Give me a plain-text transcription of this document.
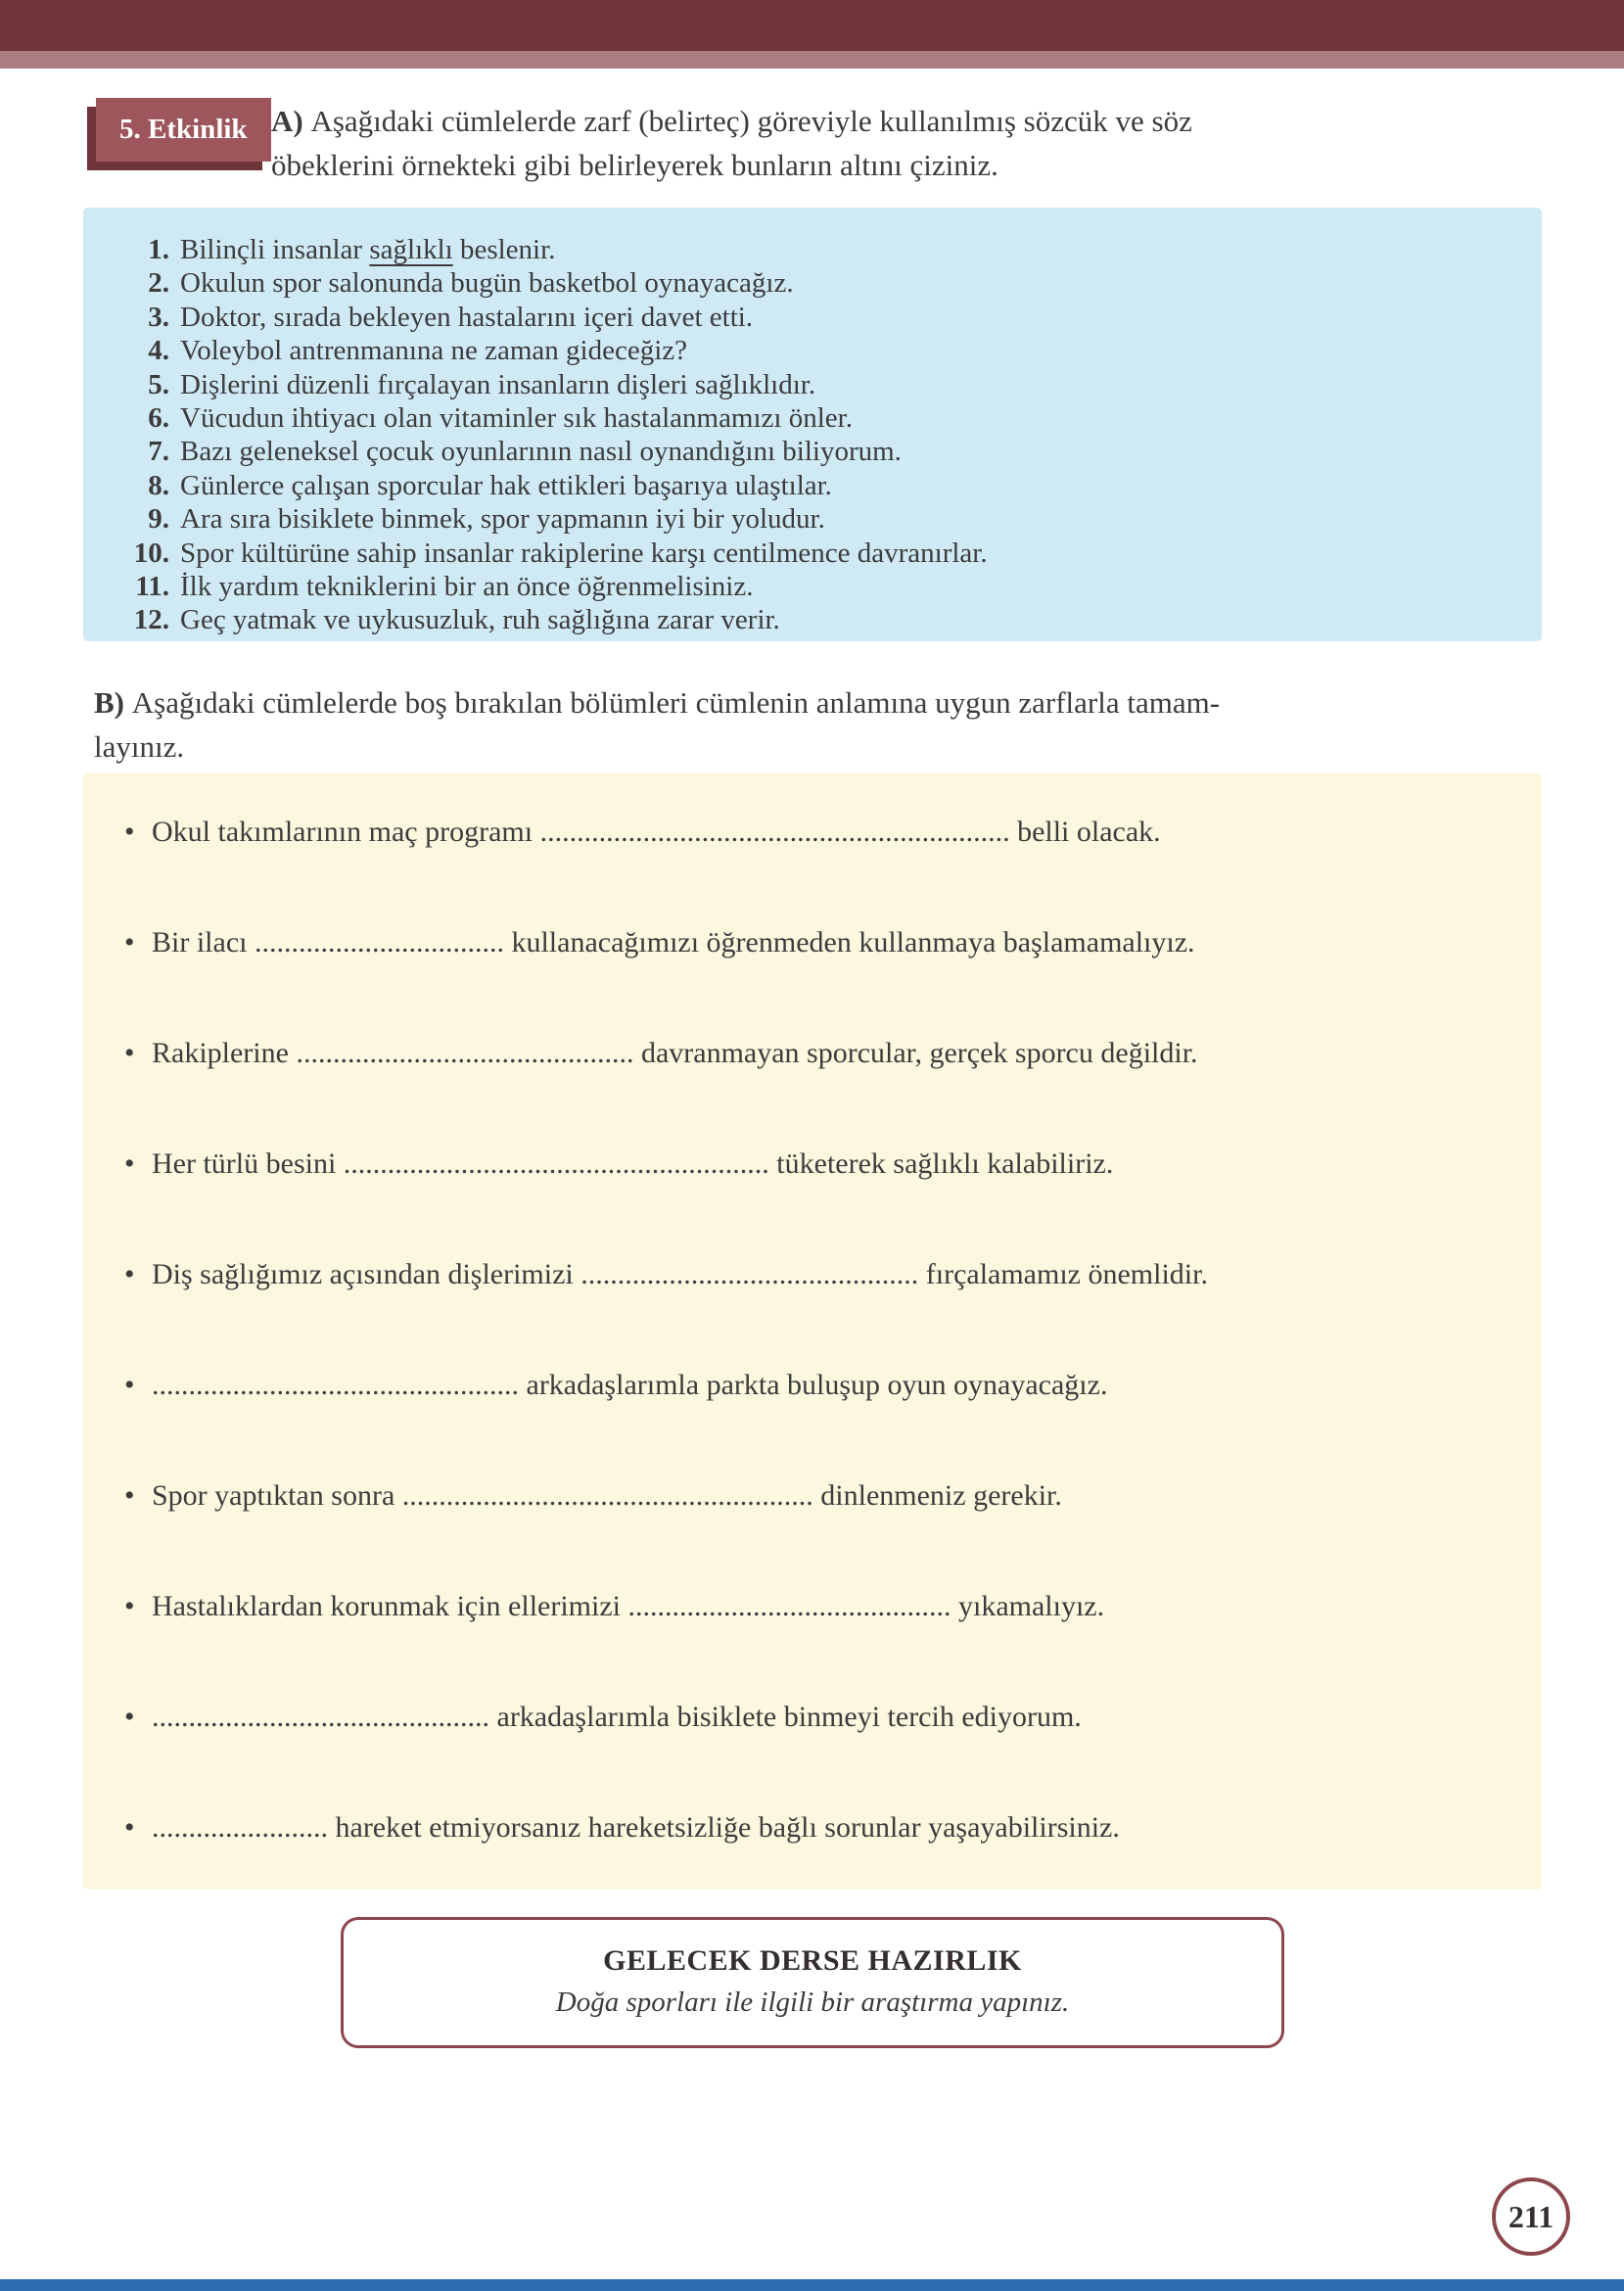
5. Etkinlik A) Aşağıdaki cümlelerde zarf (belirteç) göreviyle kullanılmış sözcük ve söz
öbeklerini örnekteki gibi belirleyerek bunların altını çiziniz.

1. Bilinçli insanlar sağlıklı beslenir.
2. Okulun spor salonunda bugün basketbol oynayacağız.
3. Doktor, sırada bekleyen hastalarını içeri davet etti.
4. Voleybol antrenmanına ne zaman gideceğiz?
5. Dişlerini düzenli fırçalayan insanların dişleri sağlıklıdır.
6. Vücudun ihtiyacı olan vitaminler sık hastalanmamızı önler.
7. Bazı geleneksel çocuk oyunlarının nasıl oynandığını biliyorum.
8. Günlerce çalışan sporcular hak ettikleri başarıya ulaştılar.
9. Ara sıra bisiklete binmek, spor yapmanın iyi bir yoludur.
10. Spor kültürüne sahip insanlar rakiplerine karşı centilmence davranırlar.
11. İlk yardım tekniklerini bir an önce öğrenmelisiniz.
12. Geç yatmak ve uykusuzluk, ruh sağlığına zarar verir.

B) Aşağıdaki cümlelerde boş bırakılan bölümleri cümlenin anlamına uygun zarflarla tamam-
layınız.

• Okul takımlarının maç programı ................................................................ belli olacak.
• Bir ilacı .................................. kullanacağımızı öğrenmeden kullanmaya başlamamalıyız.
• Rakiplerine .............................................. davranmayan sporcular, gerçek sporcu değildir.
• Her türlü besini .......................................................... tüketerek sağlıklı kalabiliriz.
• Diş sağlığımız açısından dişlerimizi .............................................. fırçalamamız önemlidir.
• .................................................. arkadaşlarımla parkta buluşup oyun oynayacağız.
• Spor yaptıktan sonra ........................................................ dinlenmeniz gerekir.
• Hastalıklardan korunmak için ellerimizi ............................................ yıkamalıyız.
• .............................................. arkadaşlarımla bisiklete binmeyi tercih ediyorum.
• ........................ hareket etmiyorsanız hareketsizliğe bağlı sorunlar yaşayabilirsiniz.
GELECEK DERSE HAZIRLIK
Doğa sporları ile ilgili bir araştırma yapınız.
211
